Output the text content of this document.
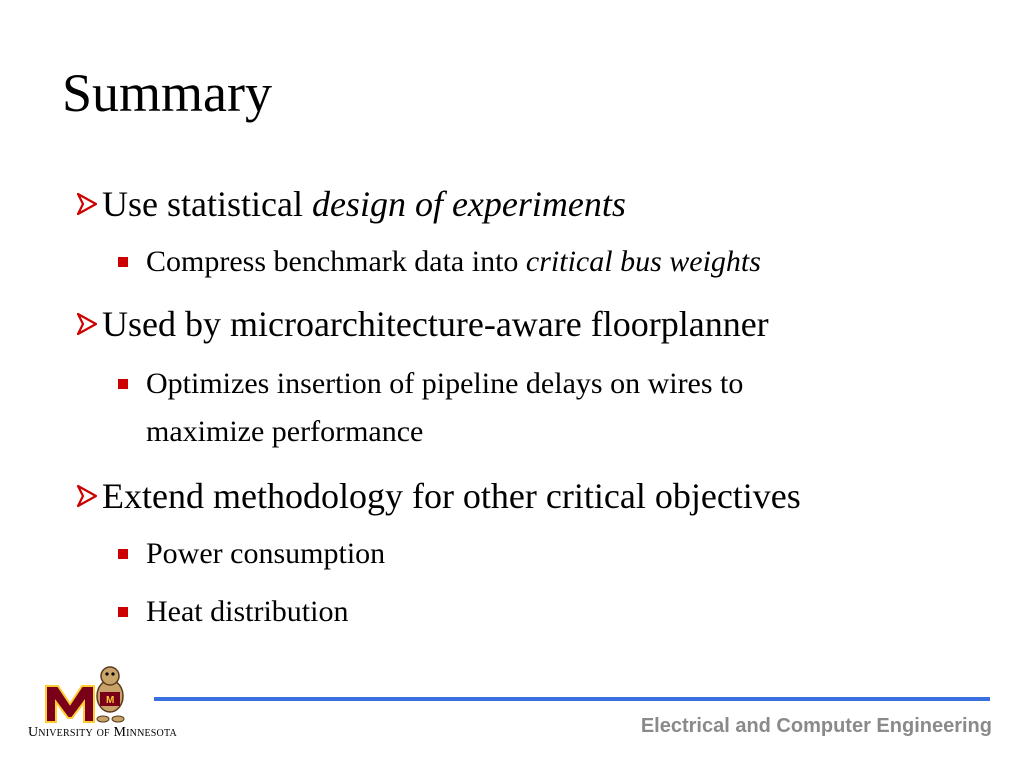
Summary
Use statistical design of experiments
Compress benchmark data into critical bus weights
Used by microarchitecture-aware floorplanner
Optimizes insertion of pipeline delays on wires to
maximize performance
Extend methodology for other critical objectives
Power consumption
Heat distribution
M
University of Minnesota	Electrical and Computer Engineering
